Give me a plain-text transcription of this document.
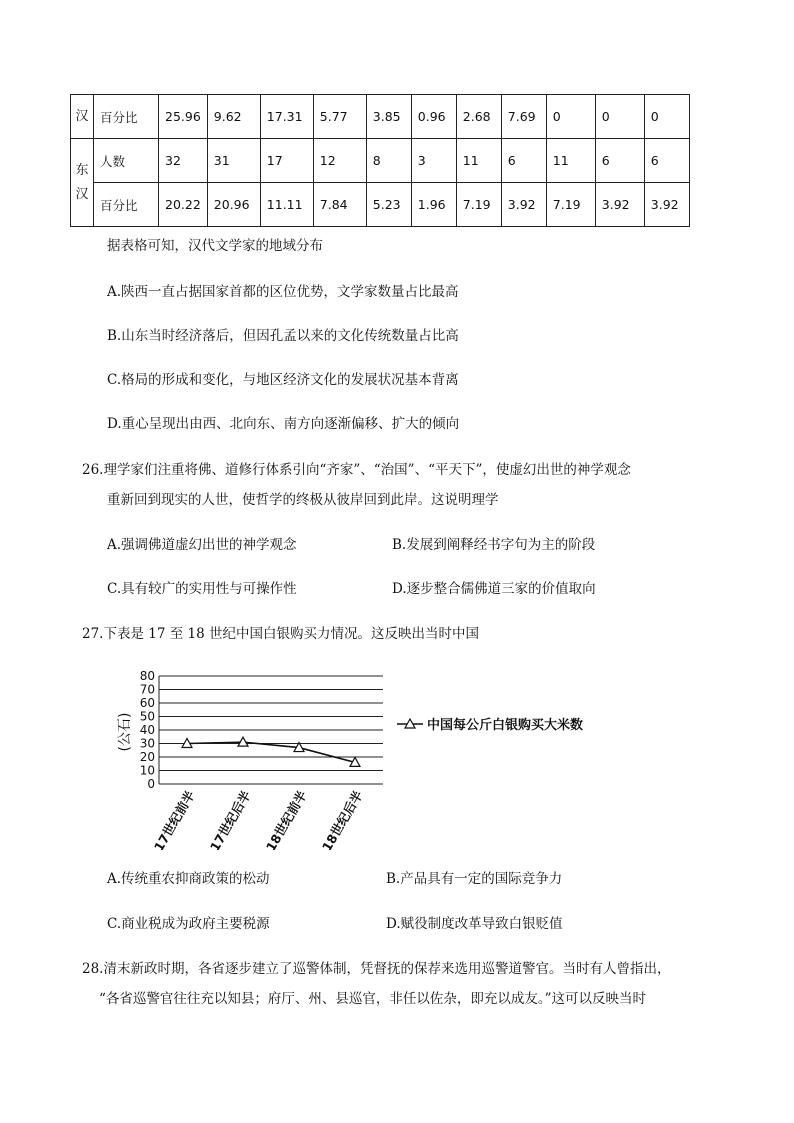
汉	百分比	25.96	9.62	17.31	5.77	3.85	0.96	2.68	7.69	0	0	0
东

汉	人数	32	31	17	12	8	3	11	6	11	6	6
	百分比	20.22	20.96	11.11	7.84	5.23	1.96	7.19	3.92	7.19	3.92	3.92
据表格可知，汉代文学家的地域分布
A.陕西一直占据国家首都的区位优势，文学家数量占比最高
B.山东当时经济落后，但因孔孟以来的文化传统数量占比高
C.格局的形成和变化，与地区经济文化的发展状况基本背离
D.重心呈现出由西、北向东、南方向逐渐偏移、扩大的倾向
26.理学家们注重将佛、道修行体系引向“齐家”、“治国”、“平天下”，使虚幻出世的神学观念
重新回到现实的人世，使哲学的终极从彼岸回到此岸。这说明理学
A.强调佛道虚幻出世的神学观念	B.发展到阐释经书字句为主的阶段
C.具有较广的实用性与可操作性	D.逐步整合儒佛道三家的价值取向
27.下表是 17 至 18 世纪中国白银购买力情况。这反映出当时中国
0
10
20
30
40
50
60
70
80
(公石)
17世纪前半 17世纪后半 18世纪前半 18世纪后半
中国每公斤白银购买大米数
A.传统重农抑商政策的松动	B.产品具有一定的国际竞争力
C.商业税成为政府主要税源	D.赋役制度改革导致白银贬值
28.清末新政时期，各省逐步建立了巡警体制，凭督抚的保荐来选用巡警道警官。当时有人曾指出，
“各省巡警官往往充以知县；府厅、州、县巡官，非任以佐杂，即充以成友。”这可以反映当时
